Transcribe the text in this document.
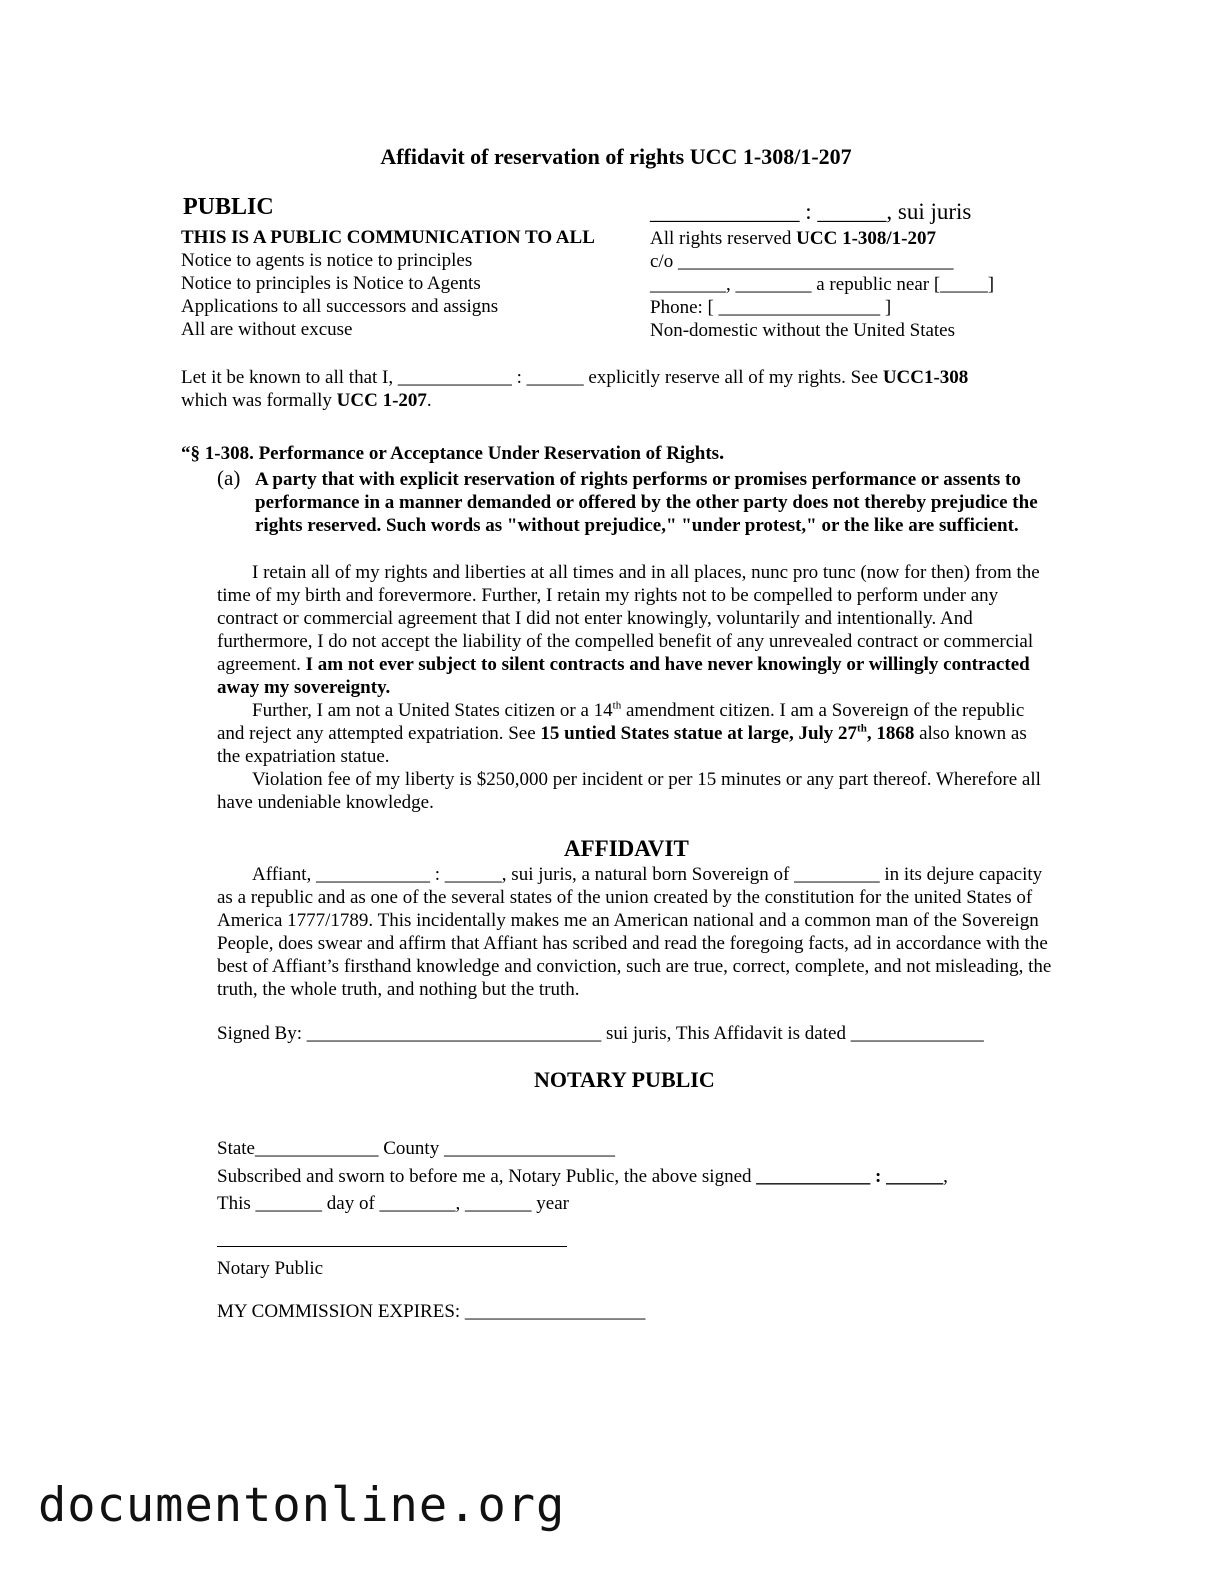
Affidavit of reservation of rights UCC 1-308/1-207
PUBLIC
THIS IS A PUBLIC COMMUNICATION TO ALL
Notice to agents is notice to principles
Notice to principles is Notice to Agents
Applications to all successors and assigns
All are without excuse
_____________ : ______, sui juris
All rights reserved UCC 1-308/1-207
c/o _____________________________
________, ________ a republic near [_____]
Phone: [ _________________ ]
Non-domestic without the United States
Let it be known to all that I, ____________ : ______ explicitly reserve all of my rights. See UCC1-308
which was formally UCC 1-207.
“§ 1-308. Performance or Acceptance Under Reservation of Rights.
(a) A party that with explicit reservation of rights performs or promises performance or assents to performance in a manner demanded or offered by the other party does not thereby prejudice the rights reserved. Such words as "without prejudice," "under protest," or the like are sufficient.

I retain all of my rights and liberties at all times and in all places, nunc pro tunc (now for then) from the time of my birth and forevermore. Further, I retain my rights not to be compelled to perform under any contract or commercial agreement that I did not enter knowingly, voluntarily and intentionally. And furthermore, I do not accept the liability of the compelled benefit of any unrevealed contract or commercial agreement. I am not ever subject to silent contracts and have never knowingly or willingly contracted away my sovereignty.

Further, I am not a United States citizen or a 14th amendment citizen. I am a Sovereign of the republic and reject any attempted expatriation. See 15 untied States statue at large, July 27th, 1868 also known as the expatriation statue.

Violation fee of my liberty is $250,000 per incident or per 15 minutes or any part thereof. Wherefore all have undeniable knowledge.

AFFIDAVIT

Affiant, ____________ : ______, sui juris, a natural born Sovereign of _________ in its dejure capacity as a republic and as one of the several states of the union created by the constitution for the united States of America 1777/1789. This incidentally makes me an American national and a common man of the Sovereign People, does swear and affirm that Affiant has scribed and read the foregoing facts, ad in accordance with the best of Affiant’s firsthand knowledge and conviction, such are true, correct, complete, and not misleading, the truth, the whole truth, and nothing but the truth.

Signed By: _______________________________ sui juris, This Affidavit is dated ______________
NOTARY PUBLIC
State_____________ County __________________
Subscribed and sworn to before me a, Notary Public, the above signed ____________ : ______,
This _______ day of ________, _______ year
Notary Public
MY COMMISSION EXPIRES: ___________________
documentonline.org
